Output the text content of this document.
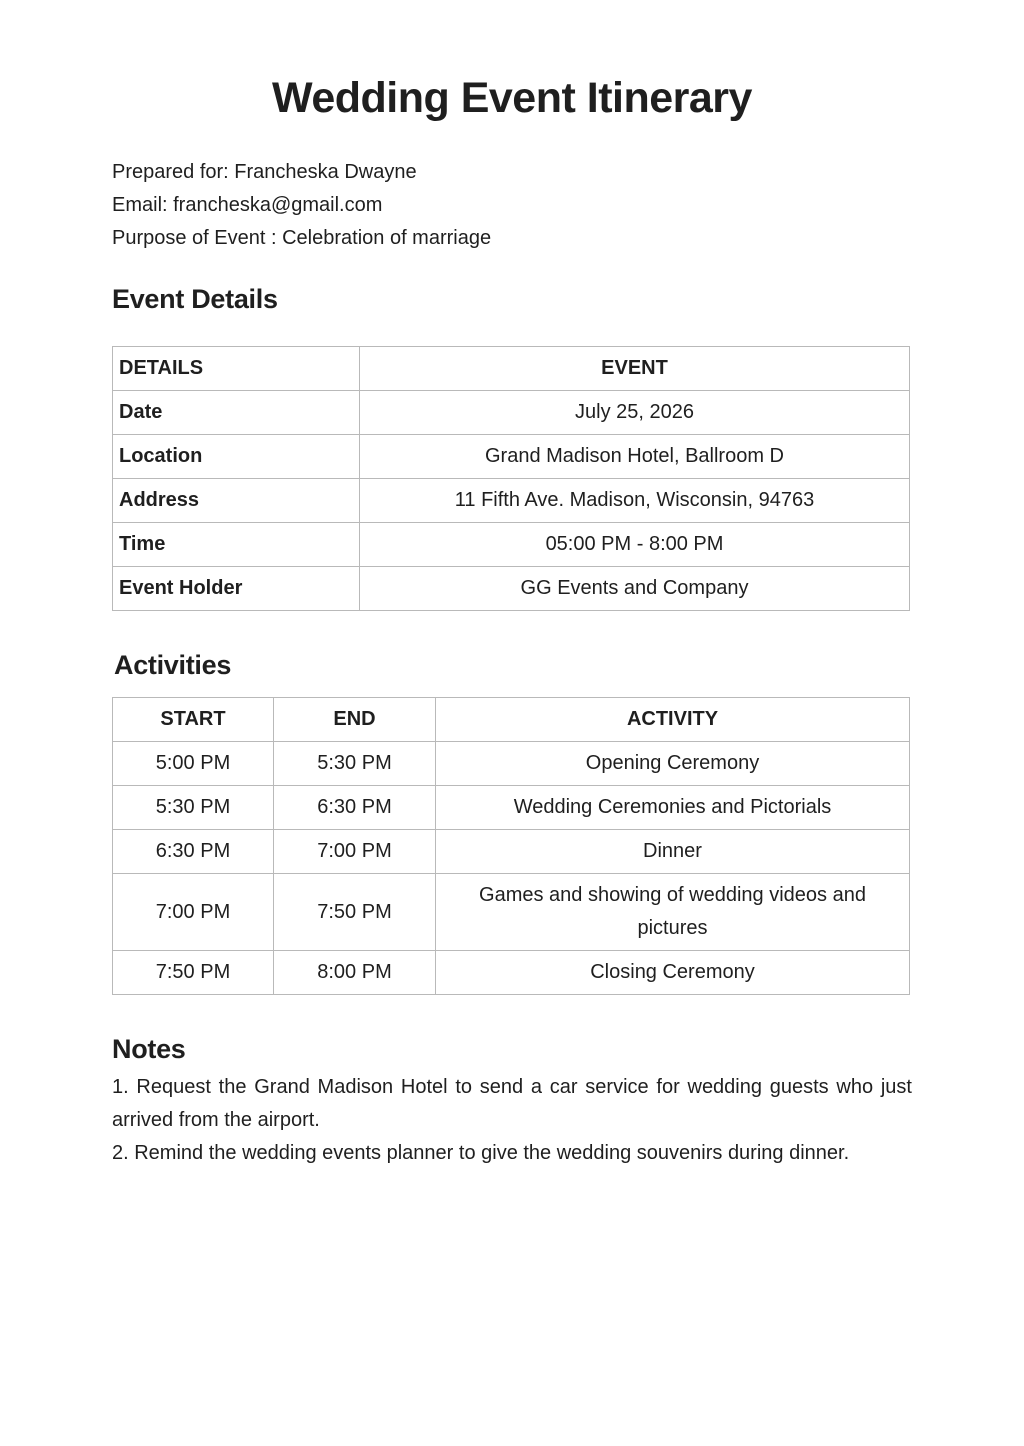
Wedding Event Itinerary
Prepared for: Francheska Dwayne
Email: francheska@gmail.com
Purpose of Event : Celebration of marriage
Event Details
DETAILS	EVENT
Date	July 25, 2026
Location	Grand Madison Hotel, Ballroom D
Address	11 Fifth Ave. Madison, Wisconsin, 94763
Time	05:00 PM - 8:00 PM
Event Holder	GG Events and Company
Activities
START	END	ACTIVITY
5:00 PM	5:30 PM	Opening Ceremony
5:30 PM	6:30 PM	Wedding Ceremonies and Pictorials
6:30 PM	7:00 PM	Dinner
7:00 PM	7:50 PM	Games and showing of wedding videos and pictures
7:50 PM	8:00 PM	Closing Ceremony
Notes

1. Request the Grand Madison Hotel to send a car service for wedding guests who just arrived from the airport.

2. Remind the wedding events planner to give the wedding souvenirs during dinner.
